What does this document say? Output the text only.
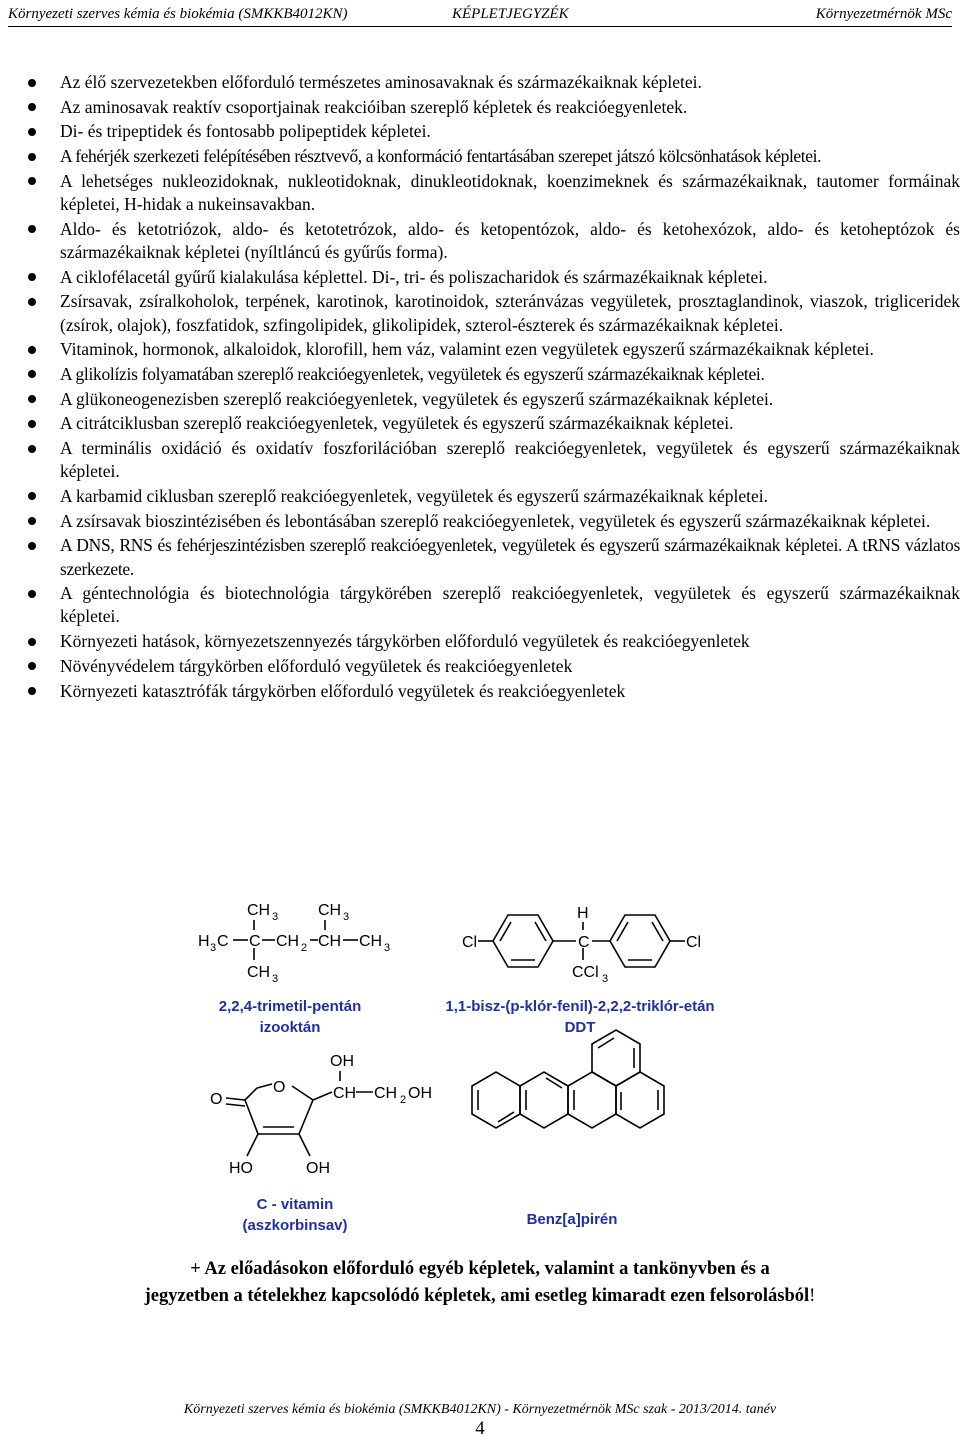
Környezeti szerves kémia és biokémia (SMKKB4012KN)	KÉPLETJEGYZÉK	Környezetmérnök MSc
Az élő szervezetekben előforduló természetes aminosavaknak és származékaiknak képletei.
Az aminosavak reaktív csoportjainak reakcióiban szereplő képletek és reakcióegyenletek.
Di- és tripeptidek és fontosabb polipeptidek képletei.
A fehérjék szerkezeti felépítésében résztvevő, a konformáció fentartásában szerepet játszó kölcsönhatások képletei.
A lehetséges nukleozidoknak, nukleotidoknak, dinukleotidoknak, koenzimeknek és származékaiknak, tautomer formáinak képletei, H-hidak a nukeinsavakban.
Aldo- és ketotriózok, aldo- és ketotetrózok, aldo- és ketopentózok, aldo- és ketohexózok, aldo- és ketoheptózok és származékaiknak képletei (nyíltláncú és gyűrűs forma).
A ciklofélacetál gyűrű kialakulása képlettel. Di-, tri- és poliszacharidok és származékaiknak képletei.
Zsírsavak, zsíralkoholok, terpének, karotinok, karotinoidok, szteránvázas vegyületek, prosztaglandinok, viaszok, trigliceridek (zsírok, olajok), foszfatidok, szfingolipidek, glikolipidek, szterol-észterek és származékaiknak képletei.
Vitaminok, hormonok, alkaloidok, klorofill, hem váz, valamint ezen vegyületek egyszerű származékaiknak képletei.
A glikolízis folyamatában szereplő reakcióegyenletek, vegyületek és egyszerű származékaiknak képletei.
A glükoneogenezisben szereplő reakcióegyenletek, vegyületek és egyszerű származékaiknak képletei.
A citrátciklusban szereplő reakcióegyenletek, vegyületek és egyszerű származékaiknak képletei.
A terminális oxidáció és oxidatív foszforilációban szereplő reakcióegyenletek, vegyületek és egyszerű származékaiknak képletei.
A karbamid ciklusban szereplő reakcióegyenletek, vegyületek és egyszerű származékaiknak képletei.
A zsírsavak bioszintézisében és lebontásában szereplő reakcióegyenletek, vegyületek és egyszerű származékaiknak képletei.
A DNS, RNS és fehérjeszintézisben szereplő reakcióegyenletek, vegyületek és egyszerű származékaiknak képletei. A tRNS vázlatos szerkezete.
A géntechnológia és biotechnológia tárgykörében szereplő reakcióegyenletek, vegyületek és egyszerű származékaiknak képletei.
Környezeti hatások, környezetszennyezés tárgykörben előforduló vegyületek és reakcióegyenletek
Növényvédelem tárgykörben előforduló vegyületek és reakcióegyenletek
Környezeti katasztrófák tárgykörben előforduló vegyületek és reakcióegyenletek
CH 3 CH 3
H 3 C C CH 2 CH CH 3
CH 3
Cl
H
C	Cl
CCl 3
OH
O
O	CH CH 2 OH
HO	OH
2,2,4-trimetil-pentán
izooktán
1,1-bisz-(p-klór-fenil)-2,2,2-triklór-etán
DDT
C - vitamin
(aszkorbinsav)	Benz[a]pirén
+ Az előadásokon előforduló egyéb képletek, valamint a tankönyvben és a
jegyzetben a tételekhez kapcsolódó képletek, ami esetleg kimaradt ezen felsorolásból!
Környezeti szerves kémia és biokémia (SMKKB4012KN) - Környezetmérnök MSc szak - 2013/2014. tanév
4
